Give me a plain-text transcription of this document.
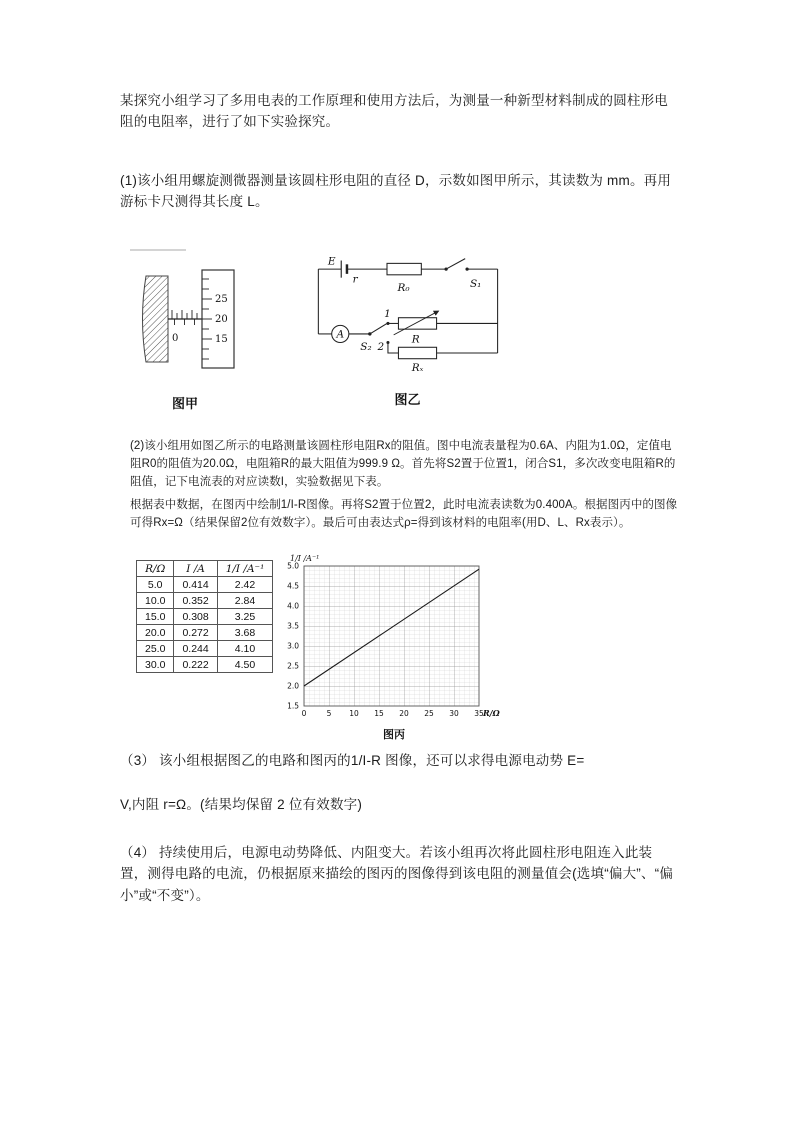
某探究小组学习了多用电表的工作原理和使用方法后，为测量一种新型材料制成的圆柱形电阻的电阻率，进行了如下实验探究。
(1)该小组用螺旋测微器测量该圆柱形电阻的直径 D，示数如图甲所示，其读数为 mm。再用游标卡尺测得其长度 L。
0
25
20
15
图甲
E
r
R₀	S₁
A
1
S₂ 2
R
Rₓ
图乙

(2)该小组用如图乙所示的电路测量该圆柱形电阻Rx的阻值。图中电流表量程为0.6A、内阻为1.0Ω，定值电阻R0的阻值为20.0Ω，电阻箱R的最大阻值为999.9 Ω。首先将S2置于位置1，闭合S1，多次改变电阻箱R的阻值，记下电流表的对应读数I，实验数据见下表。

根据表中数据，在图丙中绘制1/I-R图像。再将S2置于位置2，此时电流表读数为0.400A。根据图丙中的图像可得Rx=Ω（结果保留2位有效数字）。最后可由表达式ρ=得到该材料的电阻率(用D、L、Rx表示）。

R/Ω	I /A	1/I /A⁻¹
5.0	0.414	2.42
10.0	0.352	2.84
15.0	0.308	3.25
20.0	0.272	3.68
25.0	0.244	4.10
30.0	0.222	4.50
1/I /A⁻¹
R/Ω
1.5
2.0
2.5
3.0
3.5
4.0
4.5
5.0
0	5 10 15 20 25 30 35
图丙
（3） 该小组根据图乙的电路和图丙的1/I-R 图像，还可以求得电源电动势 E=
V,内阻 r=Ω。(结果均保留 2 位有效数字)
（4） 持续使用后，电源电动势降低、内阻变大。若该小组再次将此圆柱形电阻连入此装置，测得电路的电流，仍根据原来描绘的图丙的图像得到该电阻的测量值会(选填“偏大”、“偏小”或“不变”）。
